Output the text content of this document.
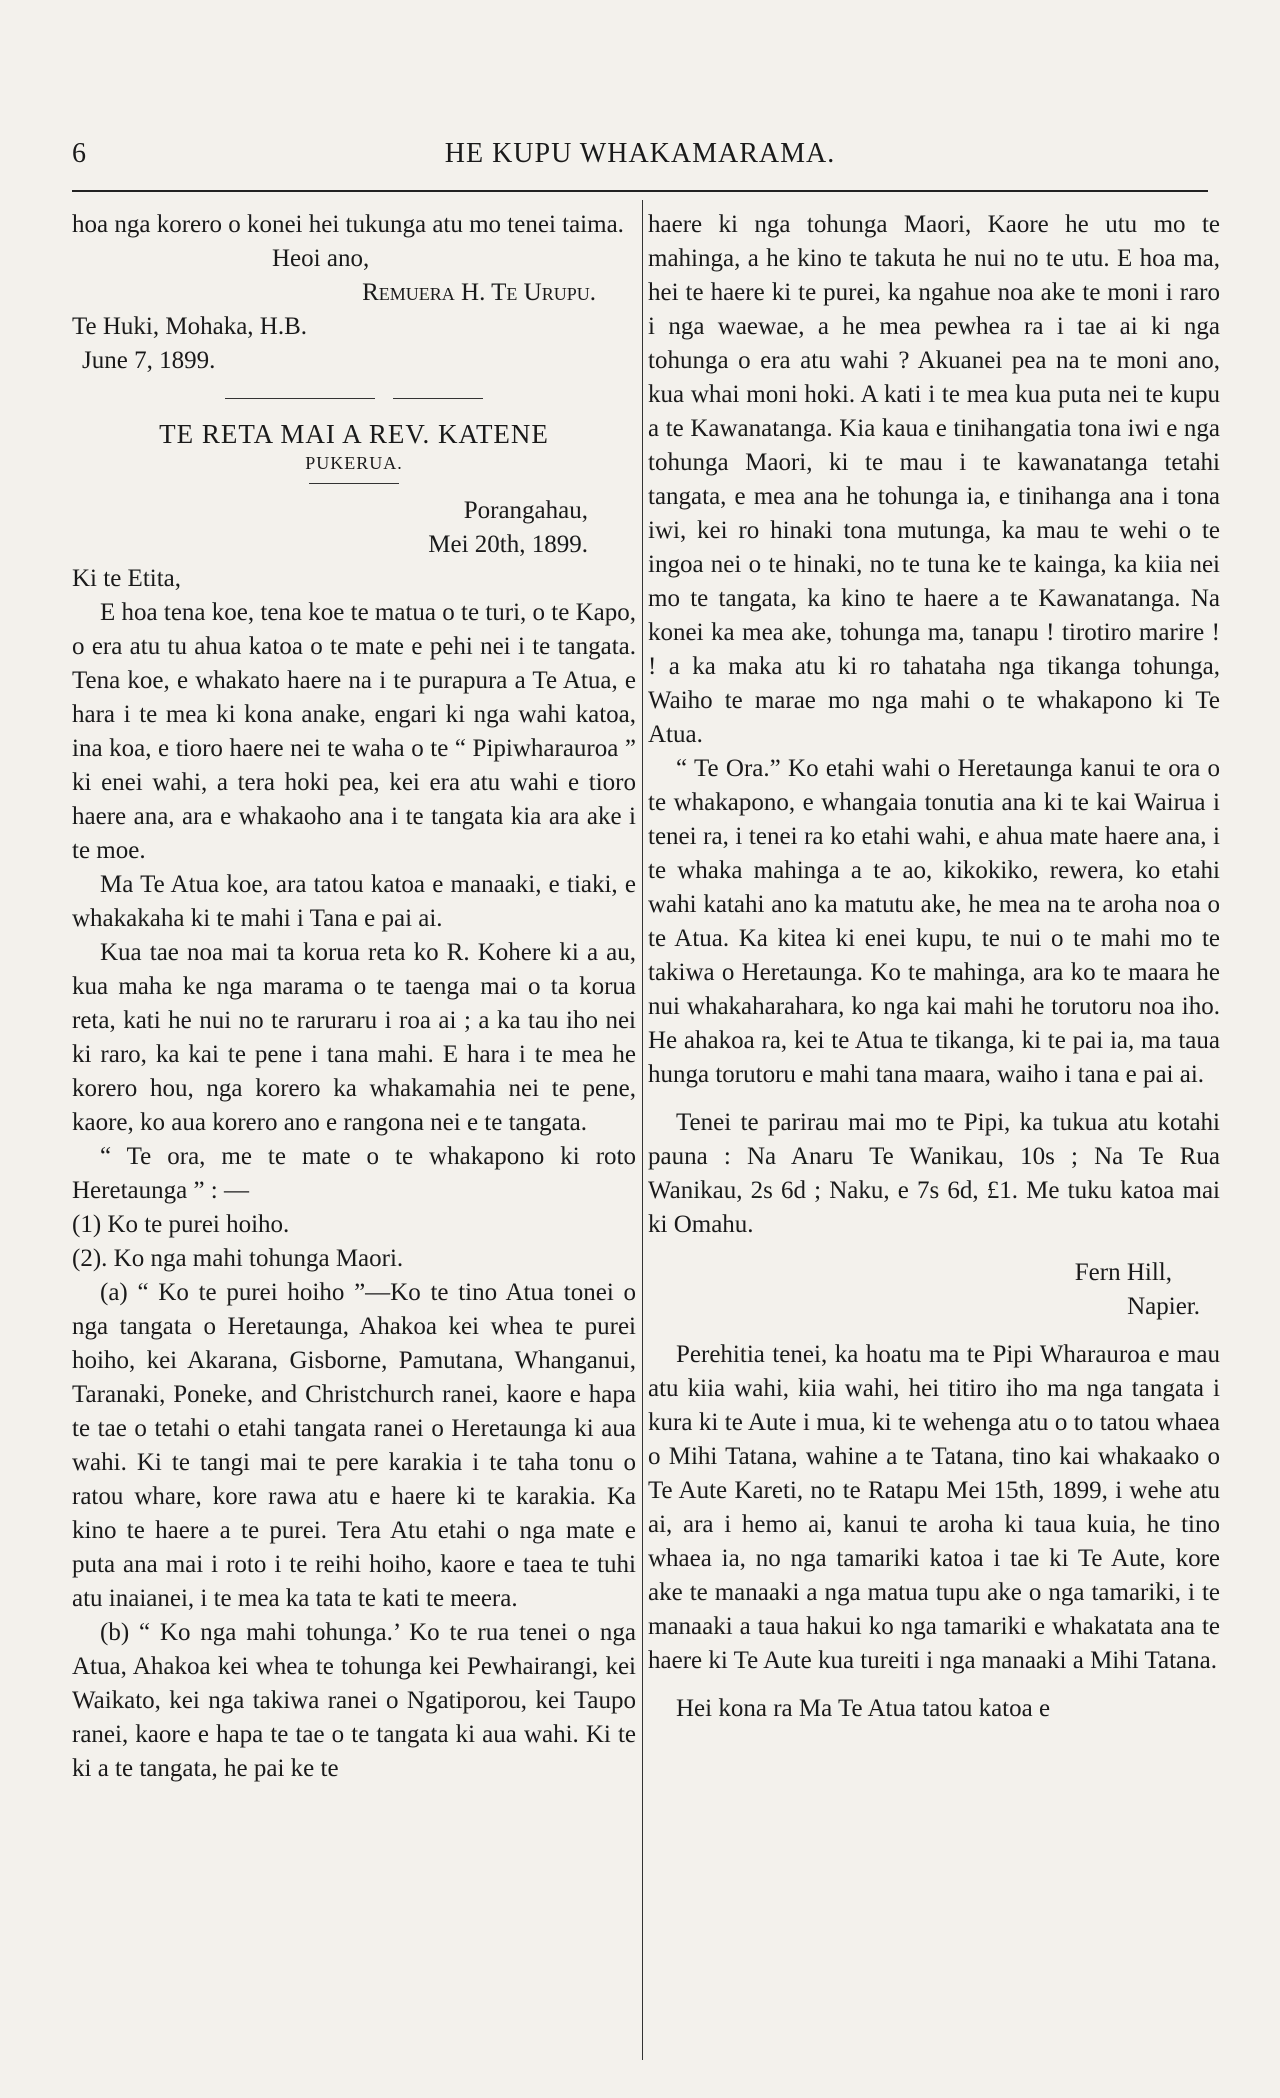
6	HE KUPU WHAKAMARAMA.

hoa nga korero o konei hei tukunga atu mo tenei taima.

Heoi ano,

Remuera H. Te Urupu.

Te Huki, Mohaka, H.B.

June 7, 1899.

TE RETA MAI A REV. KATENE

PUKERUA.

Porangahau,

Mei 20th, 1899.

Ki te Etita,

E hoa tena koe, tena koe te matua o te turi, o te Kapo, o era atu tu ahua katoa o te mate e pehi nei i te tangata. Tena koe, e whakato haere na i te purapura a Te Atua, e hara i te mea ki kona anake, engari ki nga wahi katoa, ina koa, e tioro haere nei te waha o te “ Pipiwharauroa ” ki enei wahi, a tera hoki pea, kei era atu wahi e tioro haere ana, ara e whakaoho ana i te tangata kia ara ake i te moe.

Ma Te Atua koe, ara tatou katoa e manaaki, e tiaki, e whakakaha ki te mahi i Tana e pai ai.

Kua tae noa mai ta korua reta ko R. Kohere ki a au, kua maha ke nga marama o te taenga mai o ta korua reta, kati he nui no te raruraru i roa ai ; a ka tau iho nei ki raro, ka kai te pene i tana mahi. E hara i te mea he korero hou, nga korero ka whakamahia nei te pene, kaore, ko aua korero ano e rangona nei e te tangata.

“ Te ora, me te mate o te whakapono ki roto Heretaunga ” : —

(1) Ko te purei hoiho.

(2). Ko nga mahi tohunga Maori.

(a) “ Ko te purei hoiho ”—Ko te tino Atua tonei o nga tangata o Heretaunga, Ahakoa kei whea te purei hoiho, kei Akarana, Gisborne, Pamutana, Whanganui, Taranaki, Poneke, and Christchurch ranei, kaore e hapa te tae o tetahi o etahi tangata ranei o Heretaunga ki aua wahi. Ki te tangi mai te pere karakia i te taha tonu o ratou whare, kore rawa atu e haere ki te karakia. Ka kino te haere a te purei. Tera Atu etahi o nga mate e puta ana mai i roto i te reihi hoiho, kaore e taea te tuhi atu inaianei, i te mea ka tata te kati te meera.

(b) “ Ko nga mahi tohunga.’ Ko te rua tenei o nga Atua, Ahakoa kei whea te tohunga kei Pewhairangi, kei Waikato, kei nga takiwa ranei o Ngatiporou, kei Taupo ranei, kaore e hapa te tae o te tangata ki aua wahi. Ki te ki a te tangata, he pai ke te

haere ki nga tohunga Maori, Kaore he utu mo te mahinga, a he kino te takuta he nui no te utu. E hoa ma, hei te haere ki te purei, ka ngahue noa ake te moni i raro i nga waewae, a he mea pewhea ra i tae ai ki nga tohunga o era atu wahi ? Akuanei pea na te moni ano, kua whai moni hoki. A kati i te mea kua puta nei te kupu a te Kawanatanga. Kia kaua e tinihangatia tona iwi e nga tohunga Maori, ki te mau i te kawanatanga tetahi tangata, e mea ana he tohunga ia, e tinihanga ana i tona iwi, kei ro hinaki tona mutunga, ka mau te wehi o te ingoa nei o te hinaki, no te tuna ke te kainga, ka kiia nei mo te tangata, ka kino te haere a te Kawanatanga. Na konei ka mea ake, tohunga ma, tanapu ! tirotiro marire ! ! a ka maka atu ki ro tahataha nga tikanga tohunga, Waiho te marae mo nga mahi o te whakapono ki Te Atua.

“ Te Ora.” Ko etahi wahi o Heretaunga kanui te ora o te whakapono, e whangaia tonutia ana ki te kai Wairua i tenei ra, i tenei ra ko etahi wahi, e ahua mate haere ana, i te whaka mahinga a te ao, kikokiko, rewera, ko etahi wahi katahi ano ka matutu ake, he mea na te aroha noa o te Atua. Ka kitea ki enei kupu, te nui o te mahi mo te takiwa o Heretaunga. Ko te mahinga, ara ko te maara he nui whakaharahara, ko nga kai mahi he torutoru noa iho. He ahakoa ra, kei te Atua te tikanga, ki te pai ia, ma taua hunga torutoru e mahi tana maara, waiho i tana e pai ai.

Tenei te parirau mai mo te Pipi, ka tukua atu kotahi pauna : Na Anaru Te Wanikau, 10s ; Na Te Rua Wanikau, 2s 6d ; Naku, e 7s 6d, £1. Me tuku katoa mai ki Omahu.

Fern Hill,

Napier.

Perehitia tenei, ka hoatu ma te Pipi Wharauroa e mau atu kiia wahi, kiia wahi, hei titiro iho ma nga tangata i kura ki te Aute i mua, ki te wehenga atu o to tatou whaea o Mihi Tatana, wahine a te Tatana, tino kai whakaako o Te Aute Kareti, no te Ratapu Mei 15th, 1899, i wehe atu ai, ara i hemo ai, kanui te aroha ki taua kuia, he tino whaea ia, no nga tamariki katoa i tae ki Te Aute, kore ake te manaaki a nga matua tupu ake o nga tamariki, i te manaaki a taua hakui ko nga tamariki e whakatata ana te haere ki Te Aute kua tureiti i nga manaaki a Mihi Tatana.

Hei kona ra Ma Te Atua tatou katoa e
